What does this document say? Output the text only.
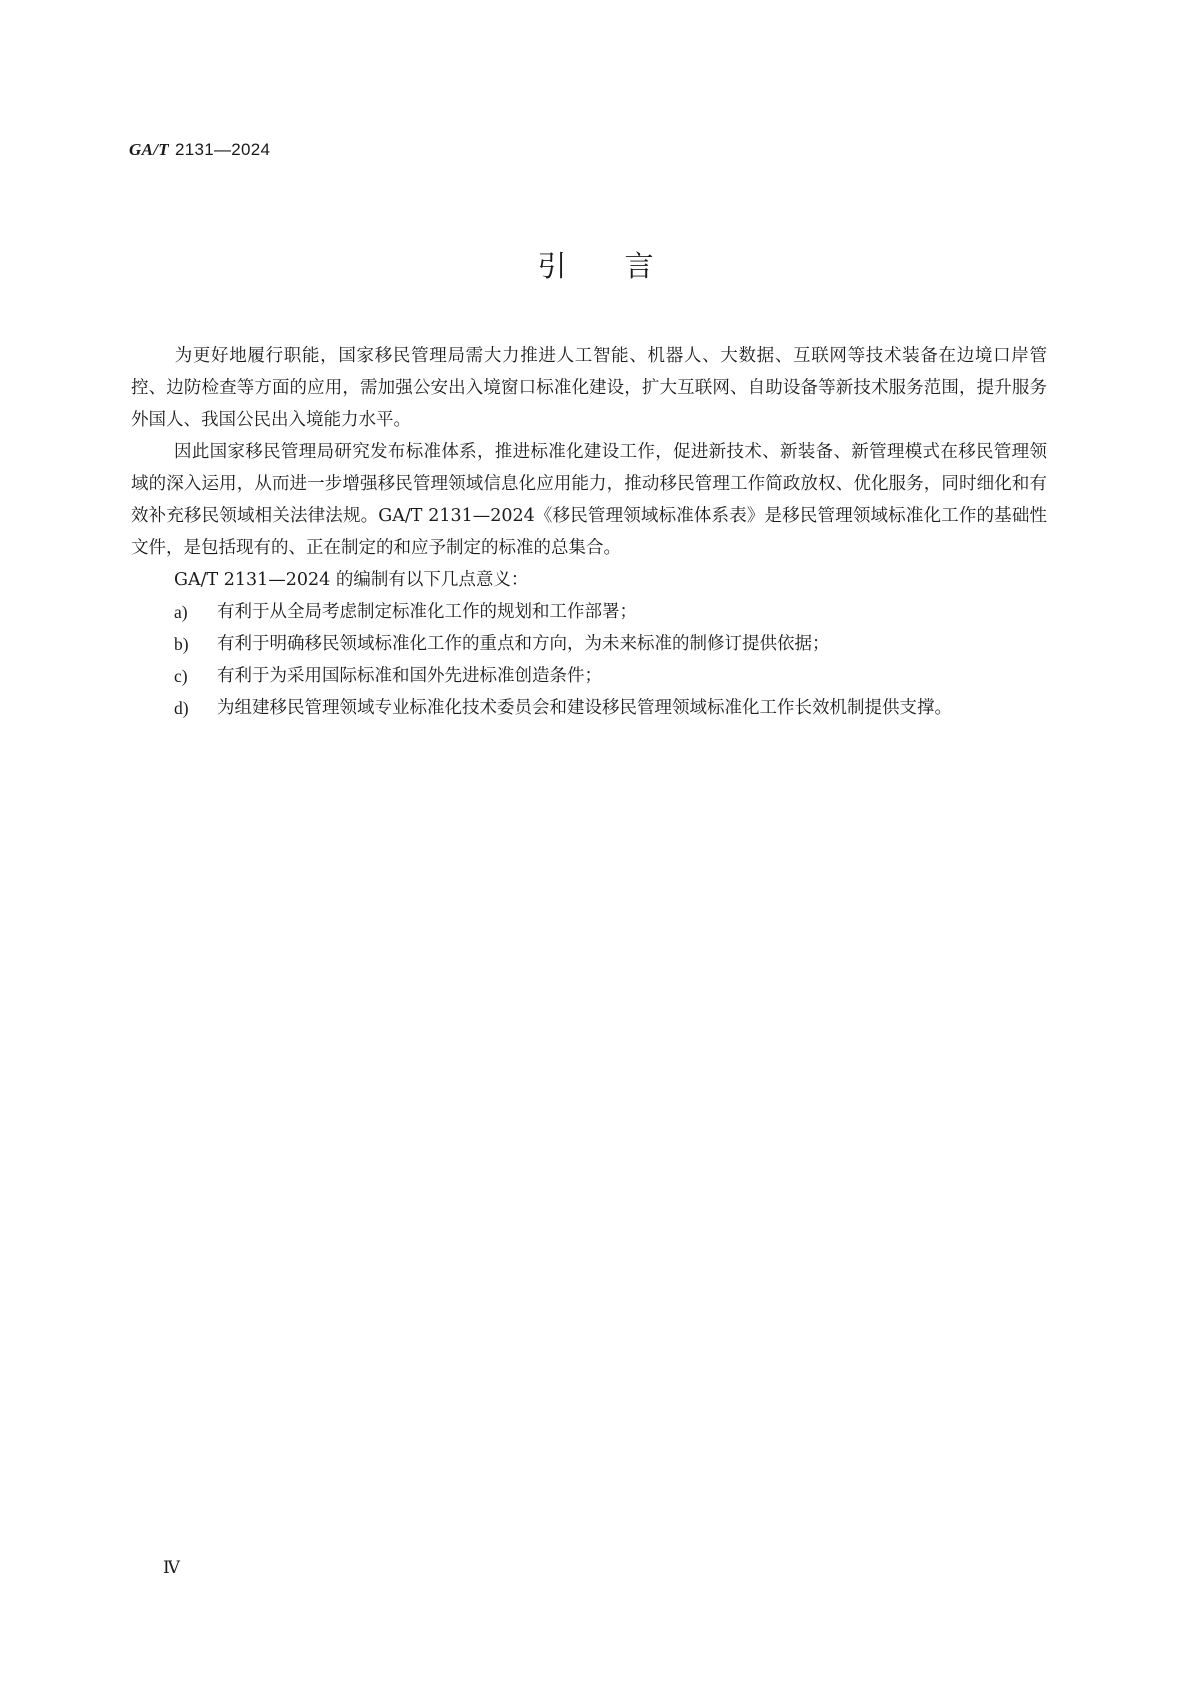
GA/T 2131—2024
引言

为更好地履行职能，国家移民管理局需大力推进人工智能、机器人、大数据、互联网等技术装备在边境口岸管控、边防检查等方面的应用，需加强公安出入境窗口标准化建设，扩大互联网、自助设备等新技术服务范围，提升服务外国人、我国公民出入境能力水平。

因此国家移民管理局研究发布标准体系，推进标准化建设工作，促进新技术、新装备、新管理模式在移民管理领域的深入运用，从而进一步增强移民管理领域信息化应用能力，推动移民管理工作简政放权、优化服务，同时细化和有效补充移民领域相关法律法规。GA/T 2131—2024《移民管理领域标准体系表》是移民管理领域标准化工作的基础性文件，是包括现有的、正在制定的和应予制定的标准的总集合。

GA/T 2131—2024 的编制有以下几点意义：

a) 有利于从全局考虑制定标准化工作的规划和工作部署；
b) 有利于明确移民领域标准化工作的重点和方向，为未来标准的制修订提供依据；
c) 有利于为采用国际标准和国外先进标准创造条件；
d) 为组建移民管理领域专业标准化技术委员会和建设移民管理领域标准化工作长效机制提供支撑。
Ⅳ
